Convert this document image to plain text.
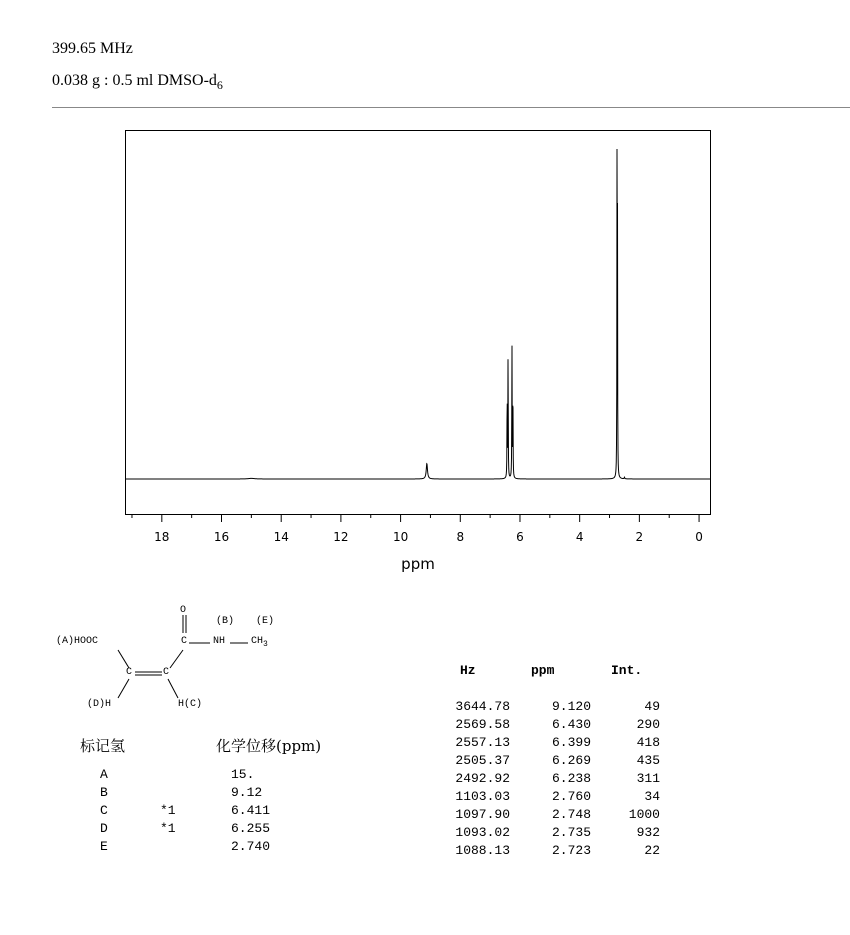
399.65 MHz
0.038 g : 0.5 ml DMSO-$d_6$
18	16	14	12	10	8	6	4	2	0
ppm
O
(B) (E)
(A)HOOC	C	NH	$CH_3$
C	C
(D)H	H(C)
标记氢	化学位移(ppm)
A	15.
B	9.12
C	*1	6.411
D	*1	6.255
E	2.740
Hz	ppm	Int.
3644.78	9.120	49
2569.58	6.430	290
2557.13	6.399	418
2505.37	6.269	435
2492.92	6.238	311
1103.03	2.760	34
1097.90	2.748	1000
1093.02	2.735	932
1088.13	2.723	22
